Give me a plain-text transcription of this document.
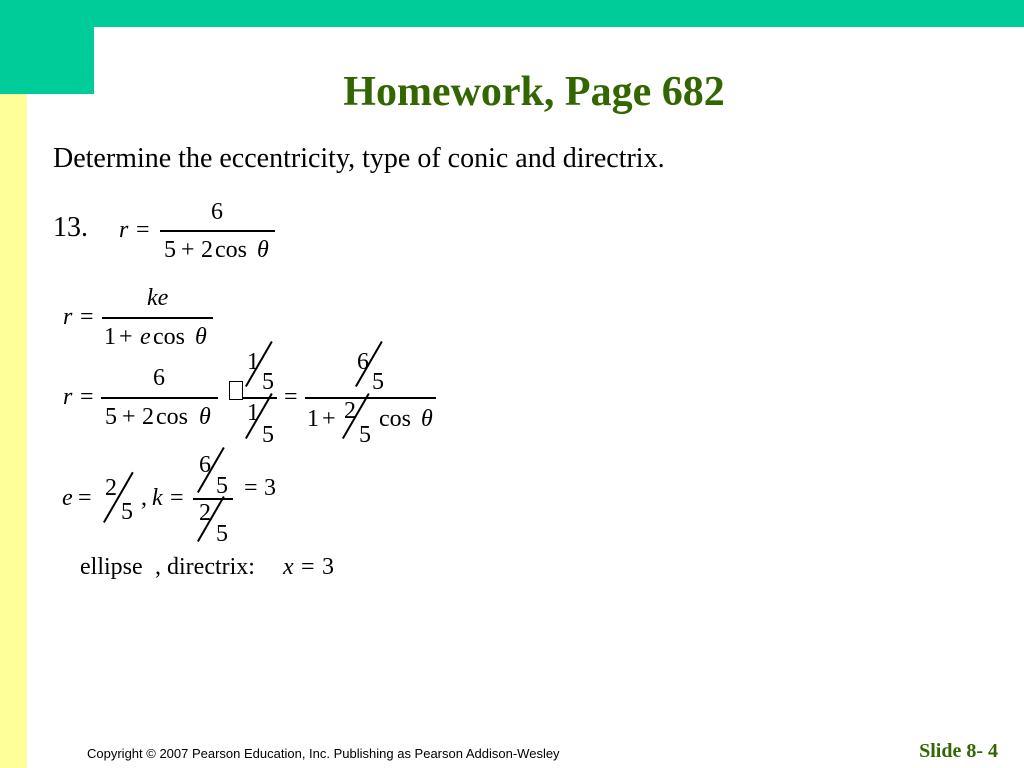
Homework, Page 682
Determine the eccentricity, type of conic and directrix.
13. r =
6
5 + 2 cos θ
r =
ke
1 + e cos θ
r =
6
5 + 2 cos θ
1
5
1
5
=
6
5
1 + 2
5
cos θ
e = 2
5
, k =
6
5
2
5
= 3
ellipse , directrix: x = 3
Copyright © 2007 Pearson Education, Inc. Publishing as Pearson Addison-Wesley	Slide 8- 4
